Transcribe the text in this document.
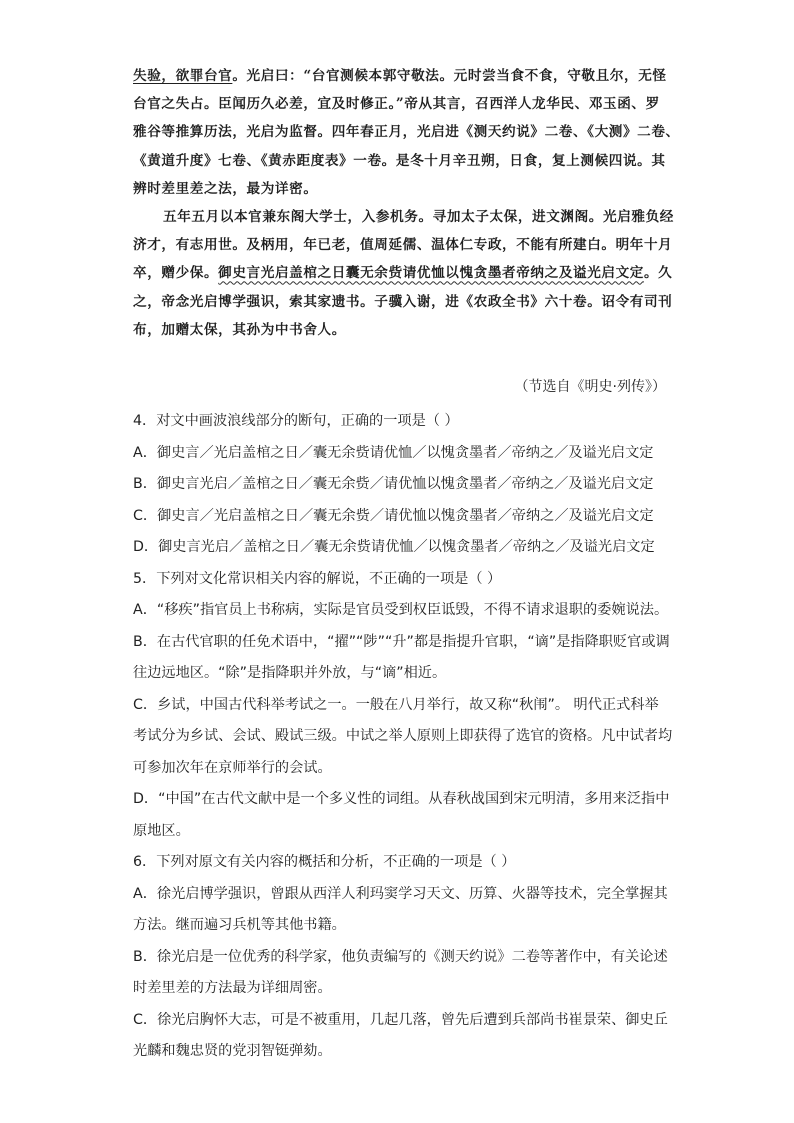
失验，欲罪台官。光启曰：“台官测候本郭守敬法。元时尝当食不食，守敬且尔，无怪
台官之失占。臣闻历久必差，宜及时修正。”帝从其言，召西洋人龙华民、邓玉函、罗
雅谷等推算历法，光启为监督。四年春正月，光启进《测天约说》二卷、《大测》二卷、
《黄道升度》七卷、《黄赤距度表》一卷。是冬十月辛丑朔，日食，复上测候四说。其
辨时差里差之法，最为详密。
五年五月以本官兼东阁大学士，入参机务。寻加太子太保，进文渊阁。光启雅负经
济才，有志用世。及柄用，年已老，值周延儒、温体仁专政，不能有所建白。明年十月
卒，赠少保。御史言光启盖棺之日囊无余赀请优恤以愧贪墨者帝纳之及谥光启文定。久
之，帝念光启博学强识，索其家遗书。子骥入谢，进《农政全书》六十卷。诏令有司刊
布，加赠太保，其孙为中书舍人。
（节选自《明史·列传》）
4．对文中画波浪线部分的断句，正确的一项是（ ）
A．御史言／光启盖棺之日／囊无余赀请优恤／以愧贪墨者／帝纳之／及谥光启文定
B．御史言光启／盖棺之日／囊无余赀／请优恤以愧贪墨者／帝纳之／及谥光启文定
C．御史言／光启盖棺之日／囊无余赀／请优恤以愧贪墨者／帝纳之／及谥光启文定
D．御史言光启／盖棺之日／囊无余赀请优恤／以愧贪墨者／帝纳之／及谥光启文定
5．下列对文化常识相关内容的解说，不正确的一项是（ ）
A．“移疾”指官员上书称病，实际是官员受到权臣诋毁，不得不请求退职的委婉说法。
B．在古代官职的任免术语中，“擢”“陟”“升”都是指提升官职，“谪”是指降职贬官或调
往边远地区。“除”是指降职并外放，与“谪”相近。
C．乡试，中国古代科举考试之一。一般在八月举行，故又称“秋闱”。 明代正式科举
考试分为乡试、会试、殿试三级。中试之举人原则上即获得了选官的资格。凡中试者均
可参加次年在京师举行的会试。
D．“中国”在古代文献中是一个多义性的词组。从春秋战国到宋元明清，多用来泛指中
原地区。
6．下列对原文有关内容的概括和分析，不正确的一项是（ ）
A．徐光启博学强识，曾跟从西洋人利玛窦学习天文、历算、火器等技术，完全掌握其
方法。继而遍习兵机等其他书籍。
B．徐光启是一位优秀的科学家，他负责编写的《测天约说》二卷等著作中，有关论述
时差里差的方法最为详细周密。
C．徐光启胸怀大志，可是不被重用，几起几落，曾先后遭到兵部尚书崔景荣、御史丘
光麟和魏忠贤的党羽智铤弹劾。
